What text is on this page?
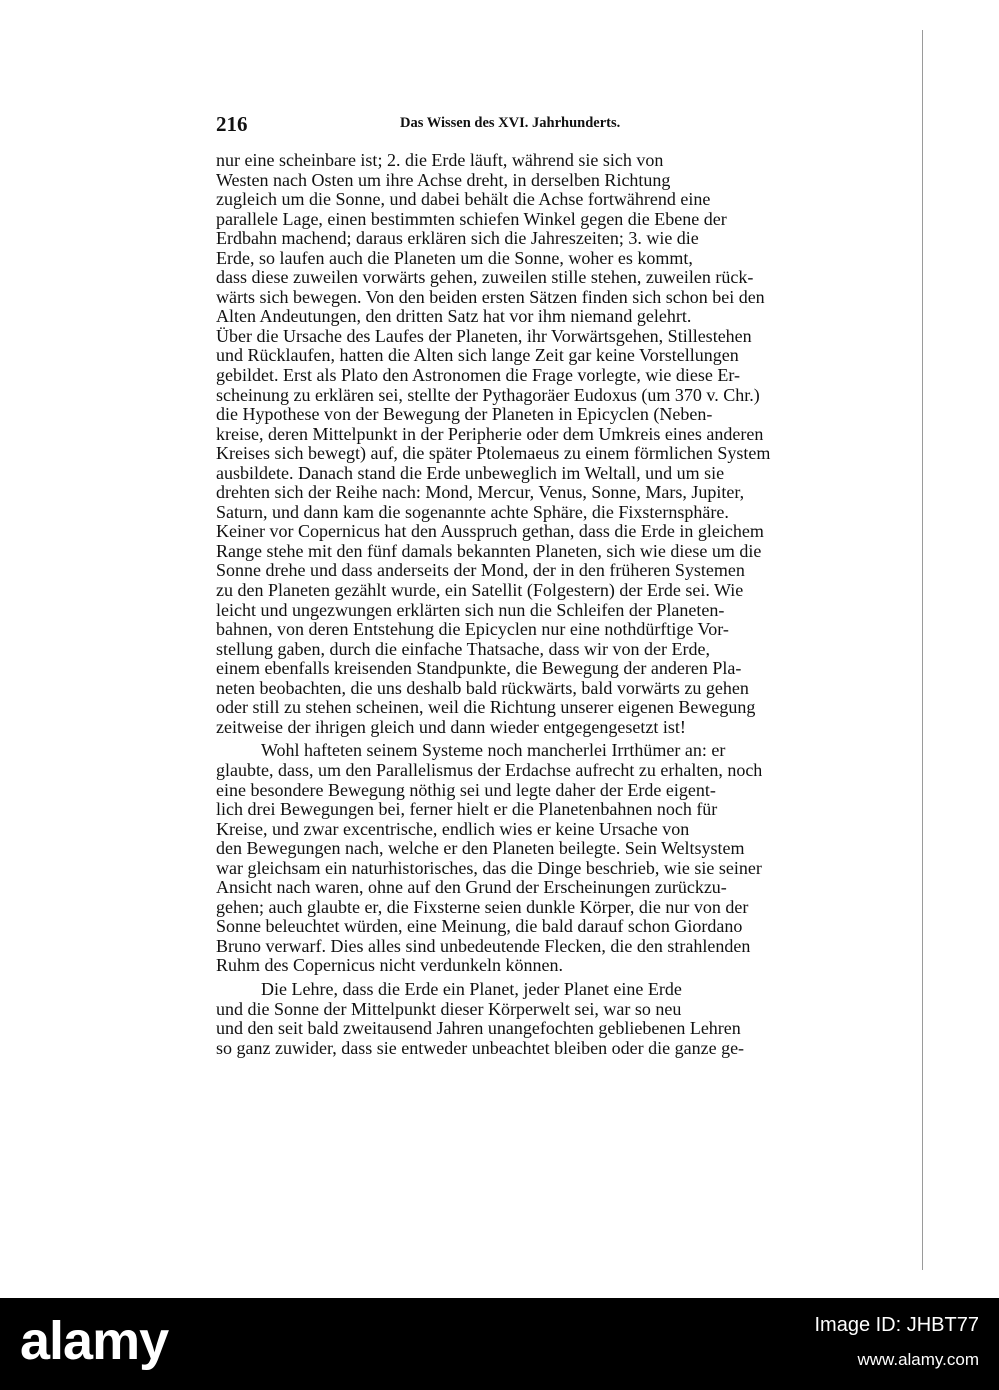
216	Das Wissen des XVI. Jahrhunderts.
nur eine scheinbare ist; 2. die Erde läuft, während sie sich von
Westen nach Osten um ihre Achse dreht, in derselben Richtung
zugleich um die Sonne, und dabei behält die Achse fortwährend eine
parallele Lage, einen bestimmten schiefen Winkel gegen die Ebene der
Erdbahn machend; daraus erklären sich die Jahreszeiten; 3. wie die
Erde, so laufen auch die Planeten um die Sonne, woher es kommt,
dass diese zuweilen vorwärts gehen, zuweilen stille stehen, zuweilen rück-
wärts sich bewegen. Von den beiden ersten Sätzen finden sich schon bei den
Alten Andeutungen, den dritten Satz hat vor ihm niemand gelehrt.
Über die Ursache des Laufes der Planeten, ihr Vorwärtsgehen, Stillestehen
und Rücklaufen, hatten die Alten sich lange Zeit gar keine Vorstellungen
gebildet. Erst als Plato den Astronomen die Frage vorlegte, wie diese Er-
scheinung zu erklären sei, stellte der Pythagoräer Eudoxus (um 370 v. Chr.)
die Hypothese von der Bewegung der Planeten in Epicyclen (Neben-
kreise, deren Mittelpunkt in der Peripherie oder dem Umkreis eines anderen
Kreises sich bewegt) auf, die später Ptolemaeus zu einem förmlichen System
ausbildete. Danach stand die Erde unbeweglich im Weltall, und um sie
drehten sich der Reihe nach: Mond, Mercur, Venus, Sonne, Mars, Jupiter,
Saturn, und dann kam die sogenannte achte Sphäre, die Fixsternsphäre.
Keiner vor Copernicus hat den Ausspruch gethan, dass die Erde in gleichem
Range stehe mit den fünf damals bekannten Planeten, sich wie diese um die
Sonne drehe und dass anderseits der Mond, der in den früheren Systemen
zu den Planeten gezählt wurde, ein Satellit (Folgestern) der Erde sei. Wie
leicht und ungezwungen erklärten sich nun die Schleifen der Planeten-
bahnen, von deren Entstehung die Epicyclen nur eine nothdürftige Vor-
stellung gaben, durch die einfache Thatsache, dass wir von der Erde,
einem ebenfalls kreisenden Standpunkte, die Bewegung der anderen Pla-
neten beobachten, die uns deshalb bald rückwärts, bald vorwärts zu gehen
oder still zu stehen scheinen, weil die Richtung unserer eigenen Bewegung
zeitweise der ihrigen gleich und dann wieder entgegengesetzt ist!
Wohl hafteten seinem Systeme noch mancherlei Irrthümer an: er
glaubte, dass, um den Parallelismus der Erdachse aufrecht zu erhalten, noch
eine besondere Bewegung nöthig sei und legte daher der Erde eigent-
lich drei Bewegungen bei, ferner hielt er die Planetenbahnen noch für
Kreise, und zwar excentrische, endlich wies er keine Ursache von
den Bewegungen nach, welche er den Planeten beilegte. Sein Weltsystem
war gleichsam ein naturhistorisches, das die Dinge beschrieb, wie sie seiner
Ansicht nach waren, ohne auf den Grund der Erscheinungen zurückzu-
gehen; auch glaubte er, die Fixsterne seien dunkle Körper, die nur von der
Sonne beleuchtet würden, eine Meinung, die bald darauf schon Giordano
Bruno verwarf. Dies alles sind unbedeutende Flecken, die den strahlenden
Ruhm des Copernicus nicht verdunkeln können.
Die Lehre, dass die Erde ein Planet, jeder Planet eine Erde
und die Sonne der Mittelpunkt dieser Körperwelt sei, war so neu
und den seit bald zweitausend Jahren unangefochten gebliebenen Lehren
so ganz zuwider, dass sie entweder unbeachtet bleiben oder die ganze ge-
alamy	Image ID: JHBT77
www.alamy.com
